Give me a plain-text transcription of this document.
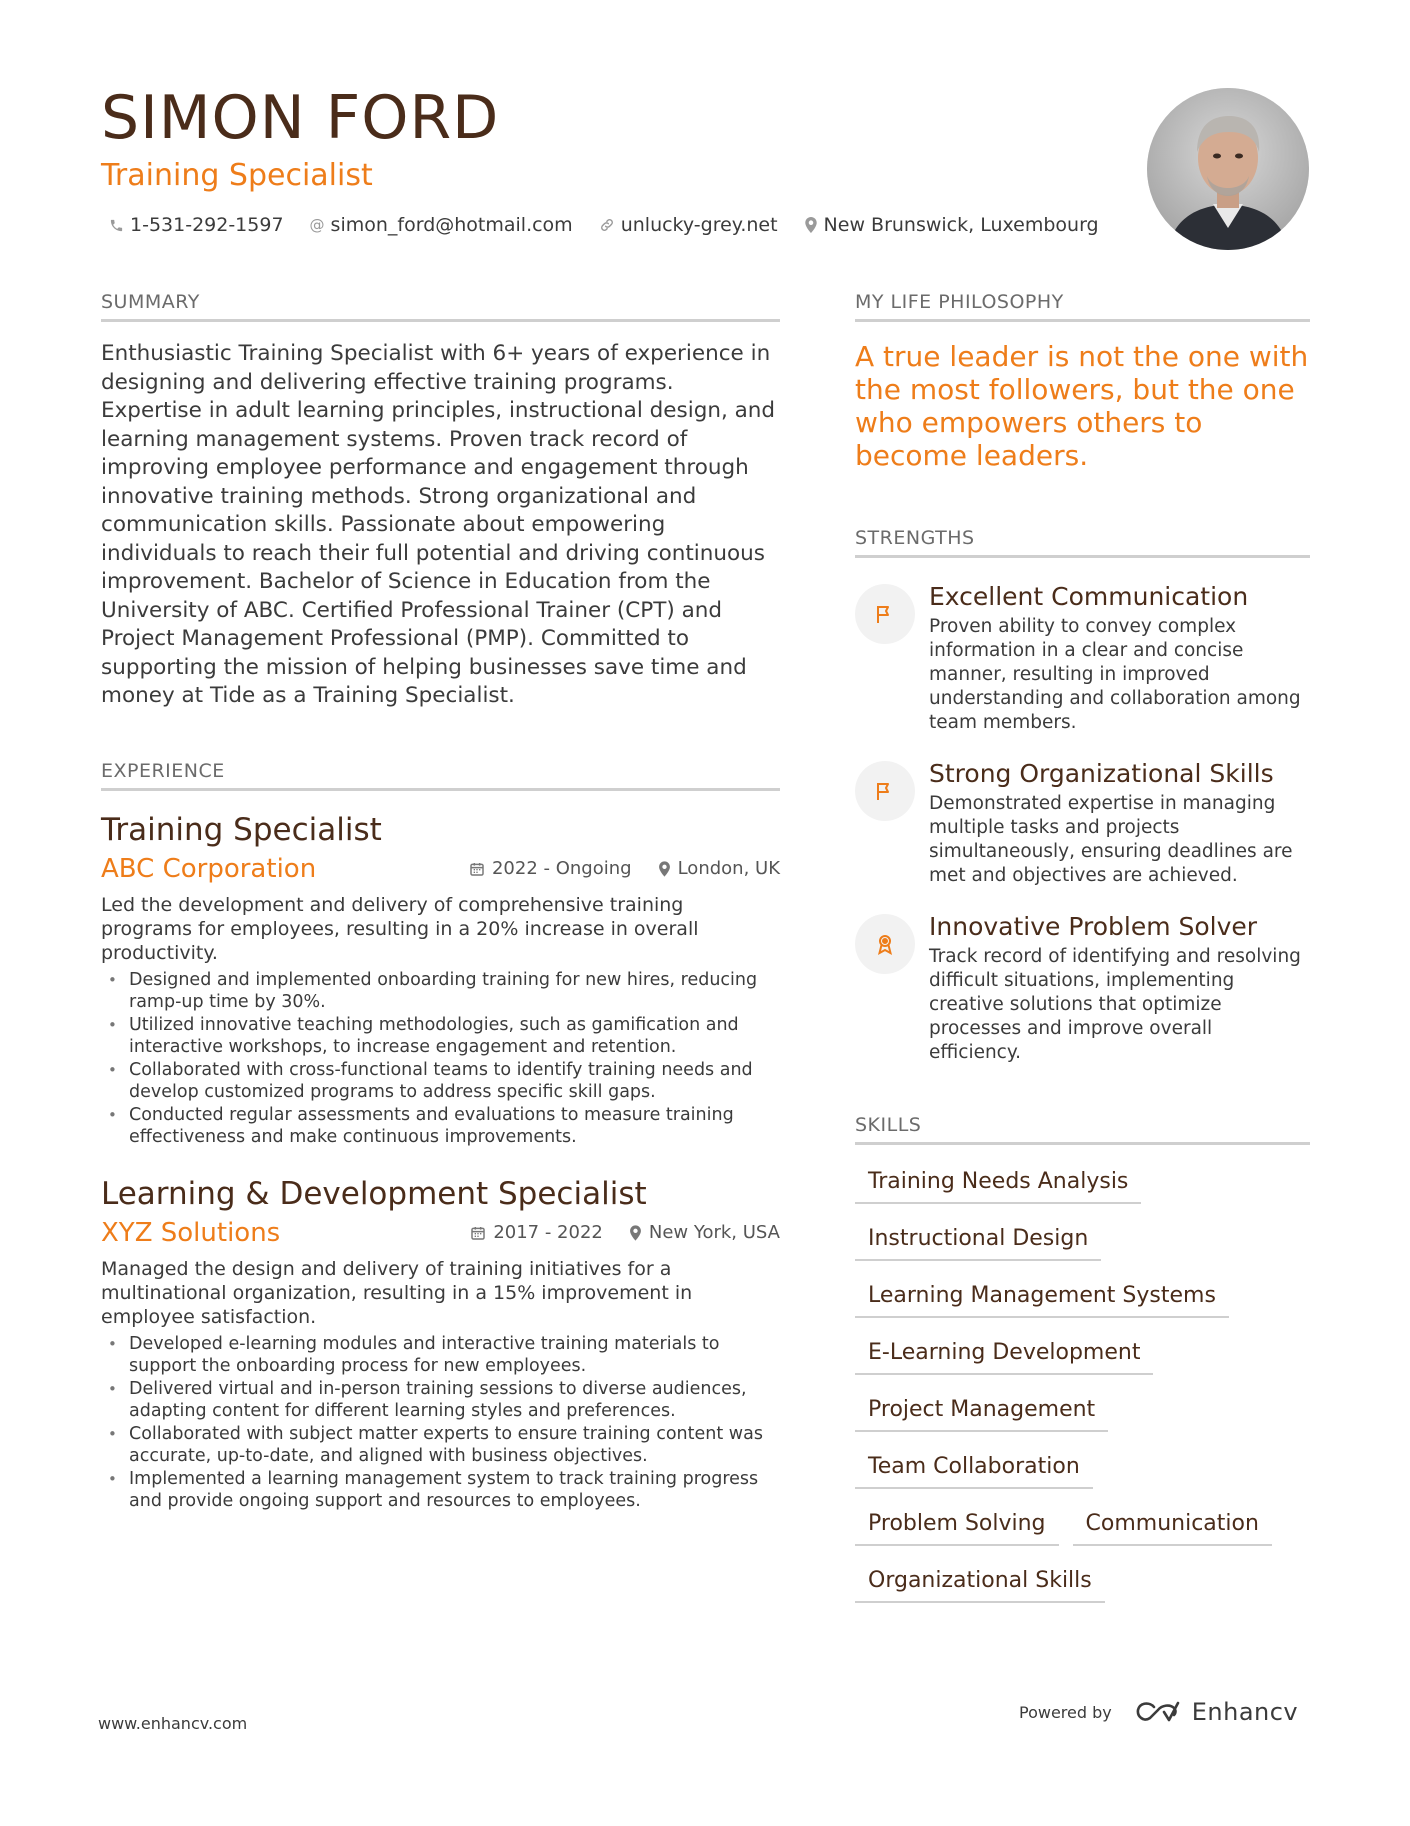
SIMON FORD
Training Specialist
1-531-292-1597 @ simon_ford@hotmail.com	unlucky-grey.net New Brunswick, Luxembourg
SUMMARY

Enthusiastic Training Specialist with 6+ years of experience in designing and delivering effective training programs. Expertise in adult learning principles, instructional design, and learning management systems. Proven track record of improving employee performance and engagement through innovative training methods. Strong organizational and communication skills. Passionate about empowering individuals to reach their full potential and driving continuous improvement. Bachelor of Science in Education from the University of ABC. Certified Professional Trainer (CPT) and Project Management Professional (PMP). Committed to supporting the mission of helping businesses save time and money at Tide as a Training Specialist.

EXPERIENCE
Training Specialist
ABC Corporation	2022 - Ongoing	London, UK

Led the development and delivery of comprehensive training programs for employees, resulting in a 20% increase in overall productivity.

• Designed and implemented onboarding training for new hires, reducing ramp-up time by 30%.
• Utilized innovative teaching methodologies, such as gamification and interactive workshops, to increase engagement and retention.
• Collaborated with cross-functional teams to identify training needs and develop customized programs to address specific skill gaps.
• Conducted regular assessments and evaluations to measure training effectiveness and make continuous improvements.
Learning & Development Specialist
XYZ Solutions	2017 - 2022	New York, USA

Managed the design and delivery of training initiatives for a multinational organization, resulting in a 15% improvement in employee satisfaction.

• Developed e-learning modules and interactive training materials to support the onboarding process for new employees.
• Delivered virtual and in-person training sessions to diverse audiences, adapting content for different learning styles and preferences.
• Collaborated with subject matter experts to ensure training content was accurate, up-to-date, and aligned with business objectives.
• Implemented a learning management system to track training progress and provide ongoing support and resources to employees.
MY LIFE PHILOSOPHY

A true leader is not the one with the most followers, but the one who empowers others to become leaders.

STRENGTHS
Excellent Communication

Proven ability to convey complex information in a clear and concise manner, resulting in improved understanding and collaboration among team members.

Strong Organizational Skills

Demonstrated expertise in managing multiple tasks and projects simultaneously, ensuring deadlines are met and objectives are achieved.

Innovative Problem Solver

Track record of identifying and resolving difficult situations, implementing creative solutions that optimize processes and improve overall efficiency.

SKILLS
Training Needs Analysis
Instructional Design
Learning Management Systems
E-Learning Development
Project Management
Team Collaboration
Problem Solving	Communication
Organizational Skills
www.enhancv.com
Powered by	Enhancv
